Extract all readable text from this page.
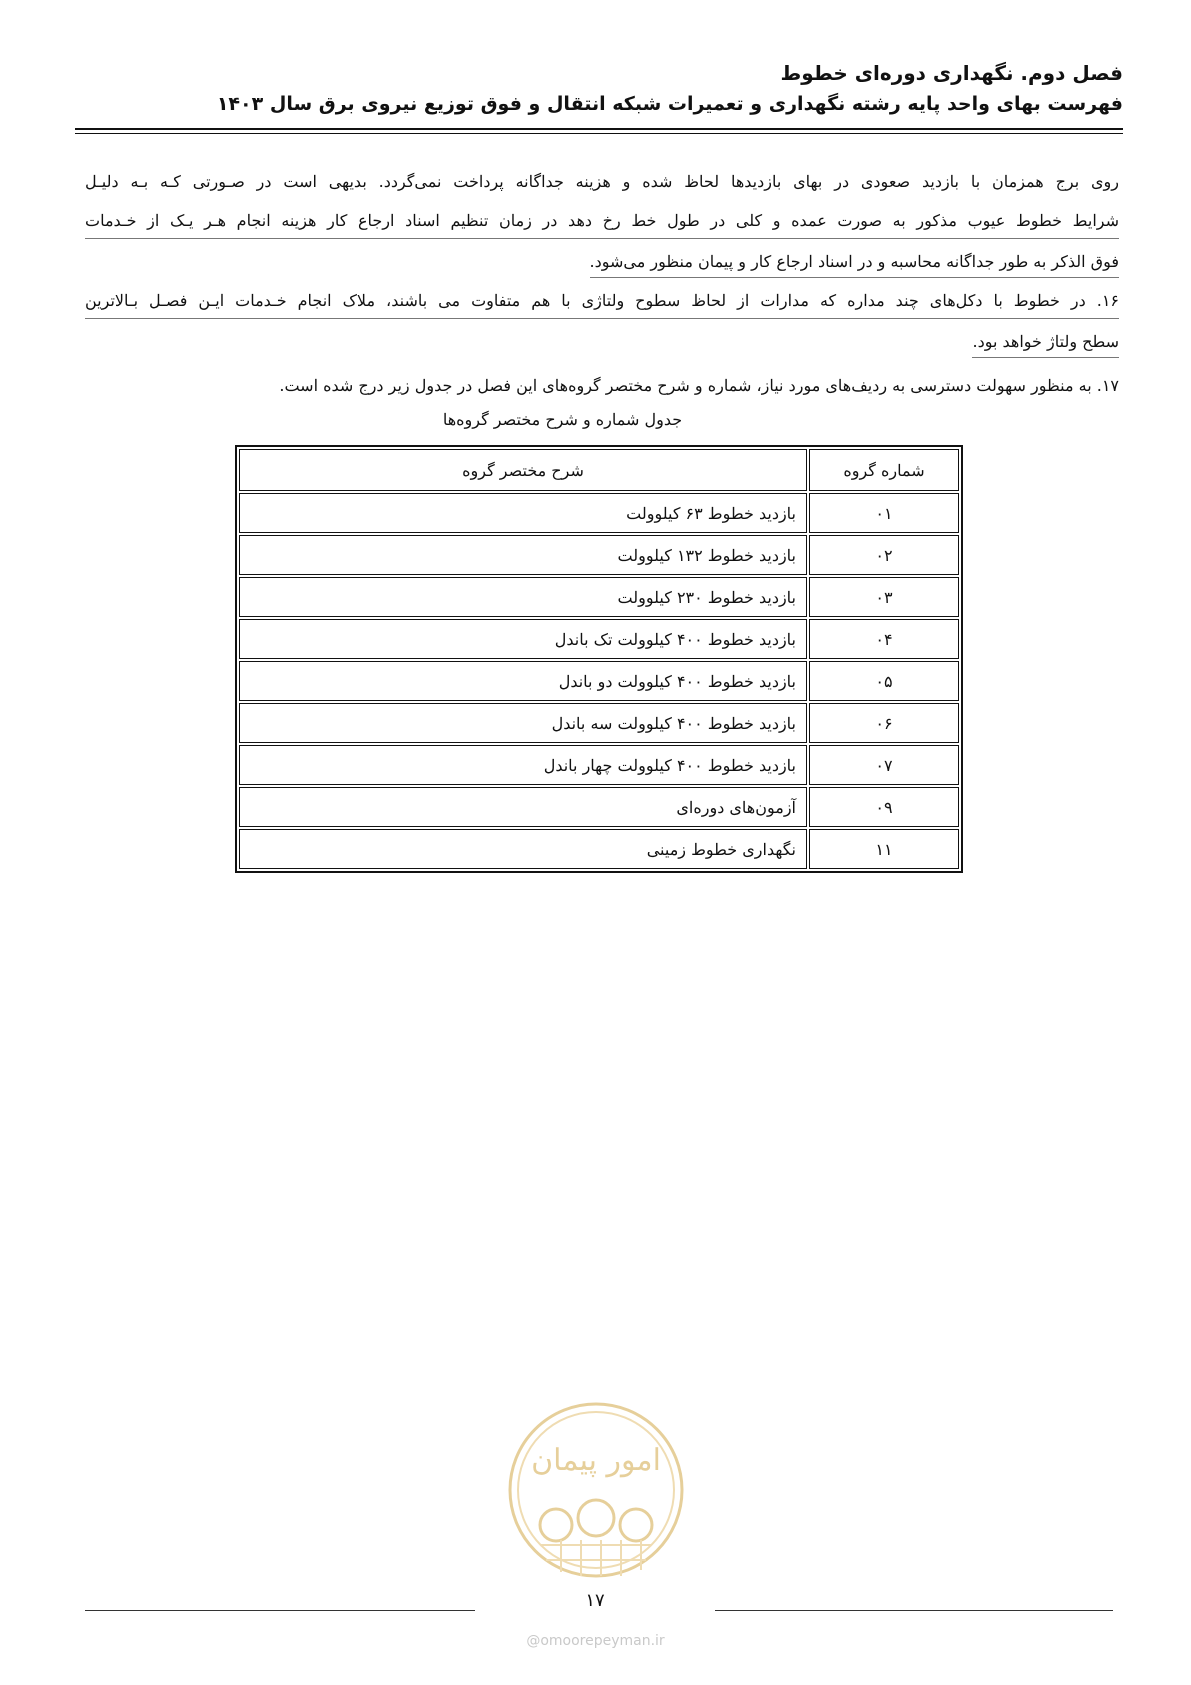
فصل دوم. نگهداری دوره‌ای خطوط
فهرست بهای واحد پایه رشته نگهداری و تعمیرات شبکه انتقال و فوق توزیع نیروی برق سال ۱۴۰۳
روی برج همزمان با بازدید صعودی در بهای بازدیدها لحاظ شده و هزینه جداگانه پرداخت نمی‌گردد. بدیهی است در صـورتی کـه بـه دلیـل
شرایط خطوط عیوب مذکور به صورت عمده و کلی در طول خط رخ دهد در زمان تنظیم اسناد ارجاع کار هزینه انجام هـر یـک از خـدمات
فوق الذکر به طور جداگانه محاسبه و در اسناد ارجاع کار و پیمان منظور می‌شود.
۱۶. در خطوط با دکل‌های چند مداره که مدارات از لحاظ سطوح ولتاژی با هم متفاوت می باشند، ملاک انجام خـدمات ایـن فصـل بـالاترین
سطح ولتاژ خواهد بود.
۱۷. به منظور سهولت دسترسی به ردیف‌های مورد نیاز، شماره و شرح مختصر گروه‌های این فصل در جدول زیر درج شده است.
جدول شماره و شرح مختصر گروه‌ها
شماره گروه	شرح مختصر گروه
۰۱	بازدید خطوط ۶۳ کیلوولت
۰۲	بازدید خطوط ۱۳۲ کیلوولت
۰۳	بازدید خطوط ۲۳۰ کیلوولت
۰۴	بازدید خطوط ۴۰۰ کیلوولت تک باندل
۰۵	بازدید خطوط ۴۰۰ کیلوولت دو باندل
۰۶	بازدید خطوط ۴۰۰ کیلوولت سه باندل
۰۷	بازدید خطوط ۴۰۰ کیلوولت چهار باندل
۰۹	آزمون‌های دوره‌ای
۱۱	نگهداری خطوط زمینی
امور پیمان
۱۷
@omoorepeyman.ir
